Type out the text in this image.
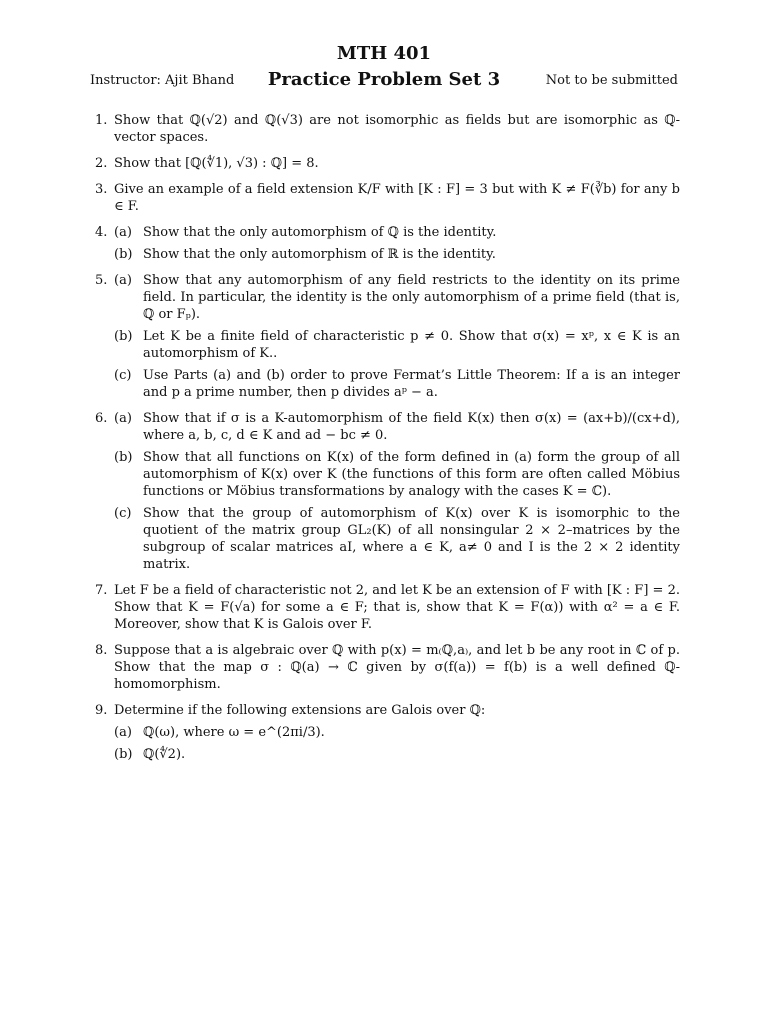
MTH 401
Instructor: Ajit Bhand	Practice Problem Set 3	Not to be submitted
1. Show that ℚ(√2) and ℚ(√3) are not isomorphic as fields but are isomorphic as ℚ-vector spaces.
2. Show that [ℚ(∜1), √3) : ℚ] = 8.
3. Give an example of a field extension K/F with [K : F] = 3 but with K ≠ F(∛b) for any b ∈ F.
4. (a) Show that the only automorphism of ℚ is the identity.
(b) Show that the only automorphism of ℝ is the identity.
5. (a) Show that any automorphism of any field restricts to the identity on its prime field. In particular, the identity is the only automorphism of a prime field (that is, ℚ or Fₚ).
(b) Let K be a finite field of characteristic p ≠ 0. Show that σ(x) = xᵖ, x ∈ K is an automorphism of K..
(c) Use Parts (a) and (b) order to prove Fermat’s Little Theorem: If a is an integer and p a prime number, then p divides aᵖ − a.
6. (a) Show that if σ is a K-automorphism of the field K(x) then σ(x) = (ax+b)/(cx+d), where a, b, c, d ∈ K and ad − bc ≠ 0.
(b) Show that all functions on K(x) of the form defined in (a) form the group of all automorphism of K(x) over K (the functions of this form are often called Möbius functions or Möbius transformations by analogy with the cases K = ℂ).
(c) Show that the group of automorphism of K(x) over K is isomorphic to the quotient of the matrix group GL₂(K) of all nonsingular 2 × 2–matrices by the subgroup of scalar matrices aI, where a ∈ K, a≠ 0 and I is the 2 × 2 identity matrix.
7. Let F be a field of characteristic not 2, and let K be an extension of F with [K : F] = 2. Show that K = F(√a) for some a ∈ F; that is, show that K = F(α)) with α² = a ∈ F. Moreover, show that K is Galois over F.
8. Suppose that a is algebraic over ℚ with p(x) = m₍ℚ,a₎, and let b be any root in ℂ of p. Show that the map σ : ℚ(a) → ℂ given by σ(f(a)) = f(b) is a well defined ℚ-homomorphism.
9. Determine if the following extensions are Galois over ℚ:
(a) ℚ(ω), where ω = e^(2πi/3).
(b) ℚ(∜2).
